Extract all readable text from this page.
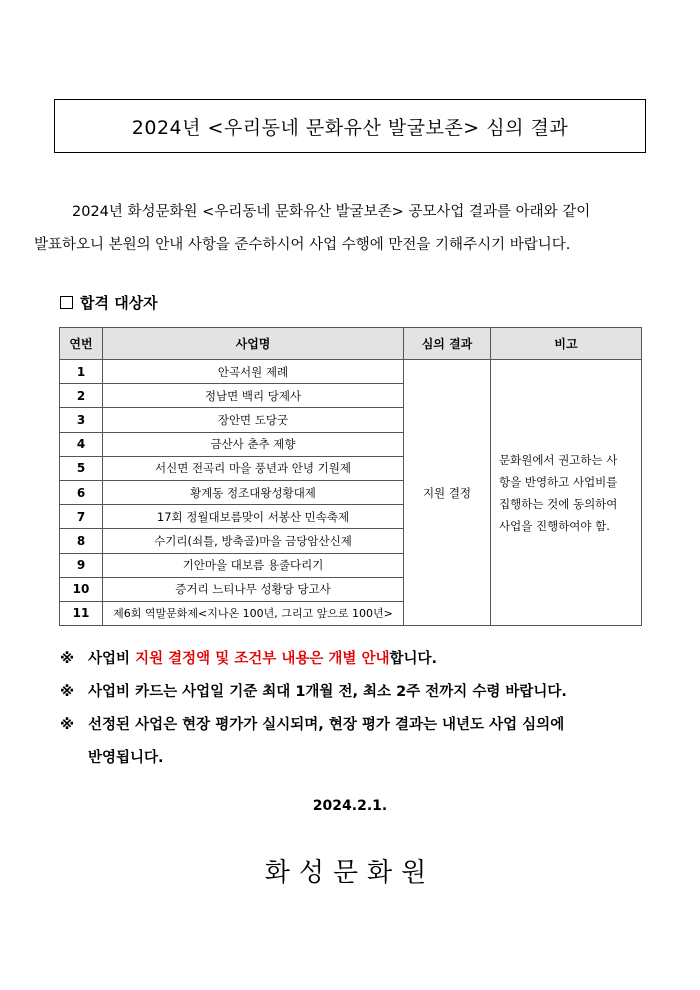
2024년 <우리동네 문화유산 발굴보존> 심의 결과
2024년 화성문화원 <우리동네 문화유산 발굴보존> 공모사업 결과를 아래와 같이
발표하오니 본원의 안내 사항을 준수하시어 사업 수행에 만전을 기해주시기 바랍니다.
합격 대상자
연번	사업명	심의 결과	비고
1	안곡서원 제례	지원 결정	문화원에서 권고하는 사
항을 반영하고 사업비를
집행하는 것에 동의하여
사업을 진행하여야 함.

2	정남면 백리 당제사		
3	장안면 도당굿		
4	금산사 춘추 제향		
5	서신면 전곡리 마을 풍년과 안녕 기원제		
6	황계동 정조대왕성황대제		
7	17회 정월대보름맞이 서봉산 민속축제		
8	수기리(쇠틀, 방축골)마을 금당암산신제		
9	기안마을 대보름 용줄다리기		
10	증거리 느티나무 성황당 당고사		
11	제6회 역말문화제<지나온 100년, 그리고 앞으로 100년>		
※ 사업비 지원 결정액 및 조건부 내용은 개별 안내합니다.
※ 사업비 카드는 사업일 기준 최대 1개월 전, 최소 2주 전까지 수령 바랍니다.
※ 선정된 사업은 현장 평가가 실시되며, 현장 평가 결과는 내년도 사업 심의에
반영됩니다.
2024.2.1.
화성문화원
